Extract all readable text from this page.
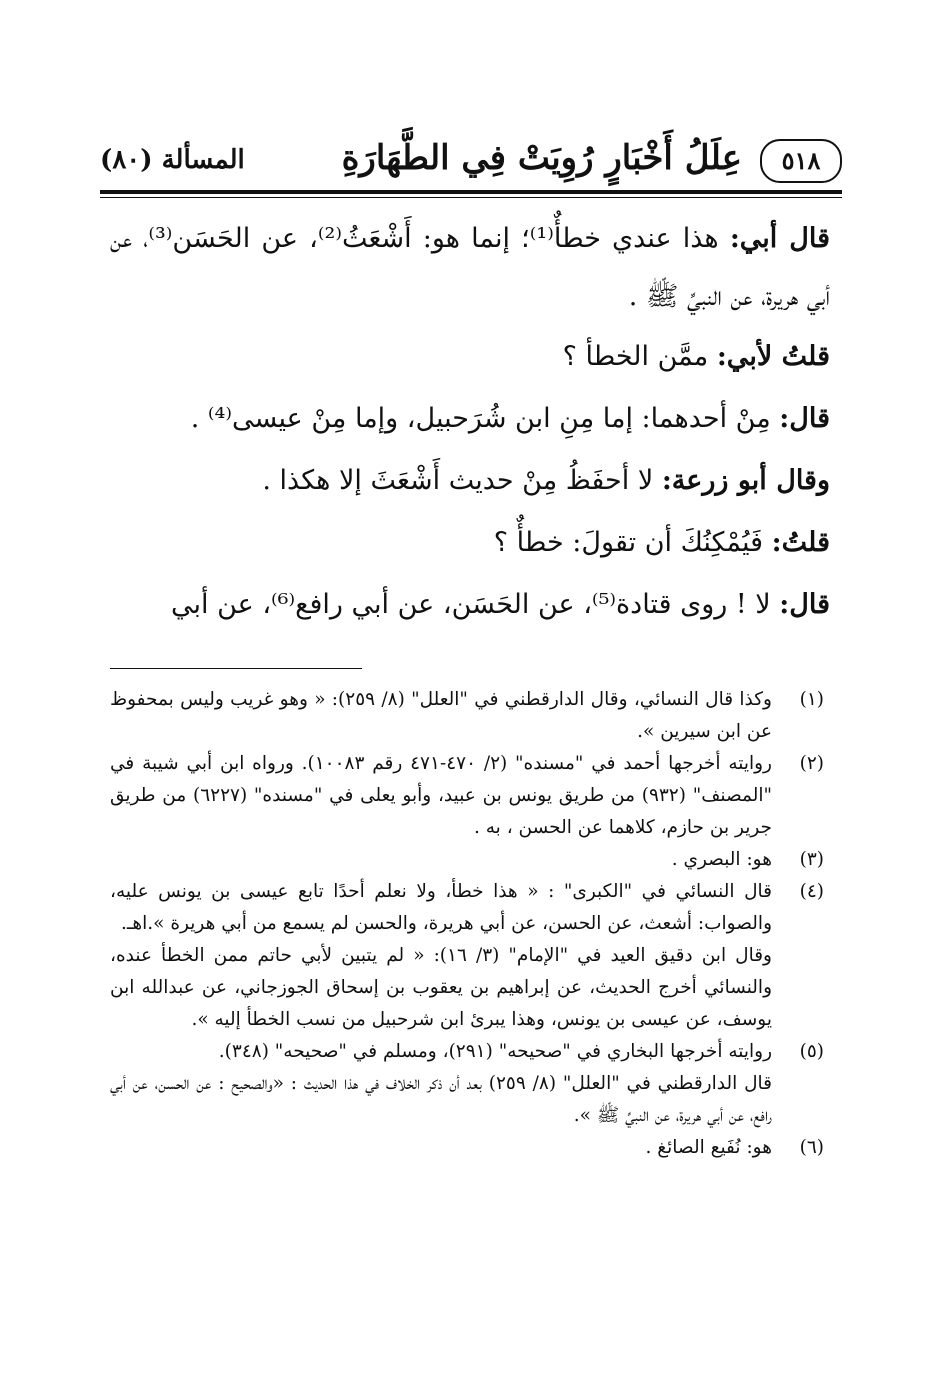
٥١٨
عِلَلُ أَخْبَارٍ رُوِيَتْ فِي الطَّهَارَةِ
المسألة (٨٠)

قال أبي: هذا عندي خطأٌ⁽¹⁾؛ إنما هو: أَشْعَثُ⁽²⁾، عن الحَسَن⁽³⁾، عن أبي هريرة، عن النبيِّ ﷺ .

قلتُ لأبي: ممَّن الخطأ ؟

قال: مِنْ أحدهما: إما مِنِ ابن شُرَحبيل، وإما مِنْ عيسى⁽⁴⁾ .

وقال أبو زرعة: لا أحفَظُ مِنْ حديث أَشْعَثَ إلا هكذا .

قلتُ: فَيُمْكِنُكَ أن تقولَ: خطأٌ ؟

قال: لا ! روى قتادة⁽⁵⁾، عن الحَسَن، عن أبي رافع⁽⁶⁾، عن أبي

(١)
وكذا قال النسائي، وقال الدارقطني في "العلل" (٨/ ٢٥٩): « وهو غريب وليس بمحفوظ عن ابن سيرين ».
(٢)
روايته أخرجها أحمد في "مسنده" (٢/ ٤٧٠-٤٧١ رقم ١٠٠٨٣). ورواه ابن أبي شيبة في "المصنف" (٩٣٢) من طريق يونس بن عبيد، وأبو يعلى في "مسنده" (٦٢٢٧) من طريق جرير بن حازم، كلاهما عن الحسن ، به .
(٣)
هو: البصري .
(٤)
قال النسائي في "الكبرى" : « هذا خطأ، ولا نعلم أحدًا تابع عيسى بن يونس عليه، والصواب: أشعث، عن الحسن، عن أبي هريرة، والحسن لم يسمع من أبي هريرة ».اهـ.
وقال ابن دقيق العيد في "الإمام" (٣/ ١٦): « لم يتبين لأبي حاتم ممن الخطأ عنده، والنسائي أخرج الحديث، عن إبراهيم بن يعقوب بن إسحاق الجوزجاني، عن عبدالله ابن يوسف، عن عيسى بن يونس، وهذا يبرئ ابن شرحبيل من نسب الخطأ إليه ».
(٥)
روايته أخرجها البخاري في "صحيحه" (٢٩١)، ومسلم في "صحيحه" (٣٤٨).
قال الدارقطني في "العلل" (٨/ ٢٥٩) بعد أن ذكر الخلاف في هذا الحديث : «والصحيح : عن الحسن، عن أبي رافع، عن أبي هريرة، عن النبيِّ ﷺ ».
(٦)
هو: نُفَيع الصائغ .
